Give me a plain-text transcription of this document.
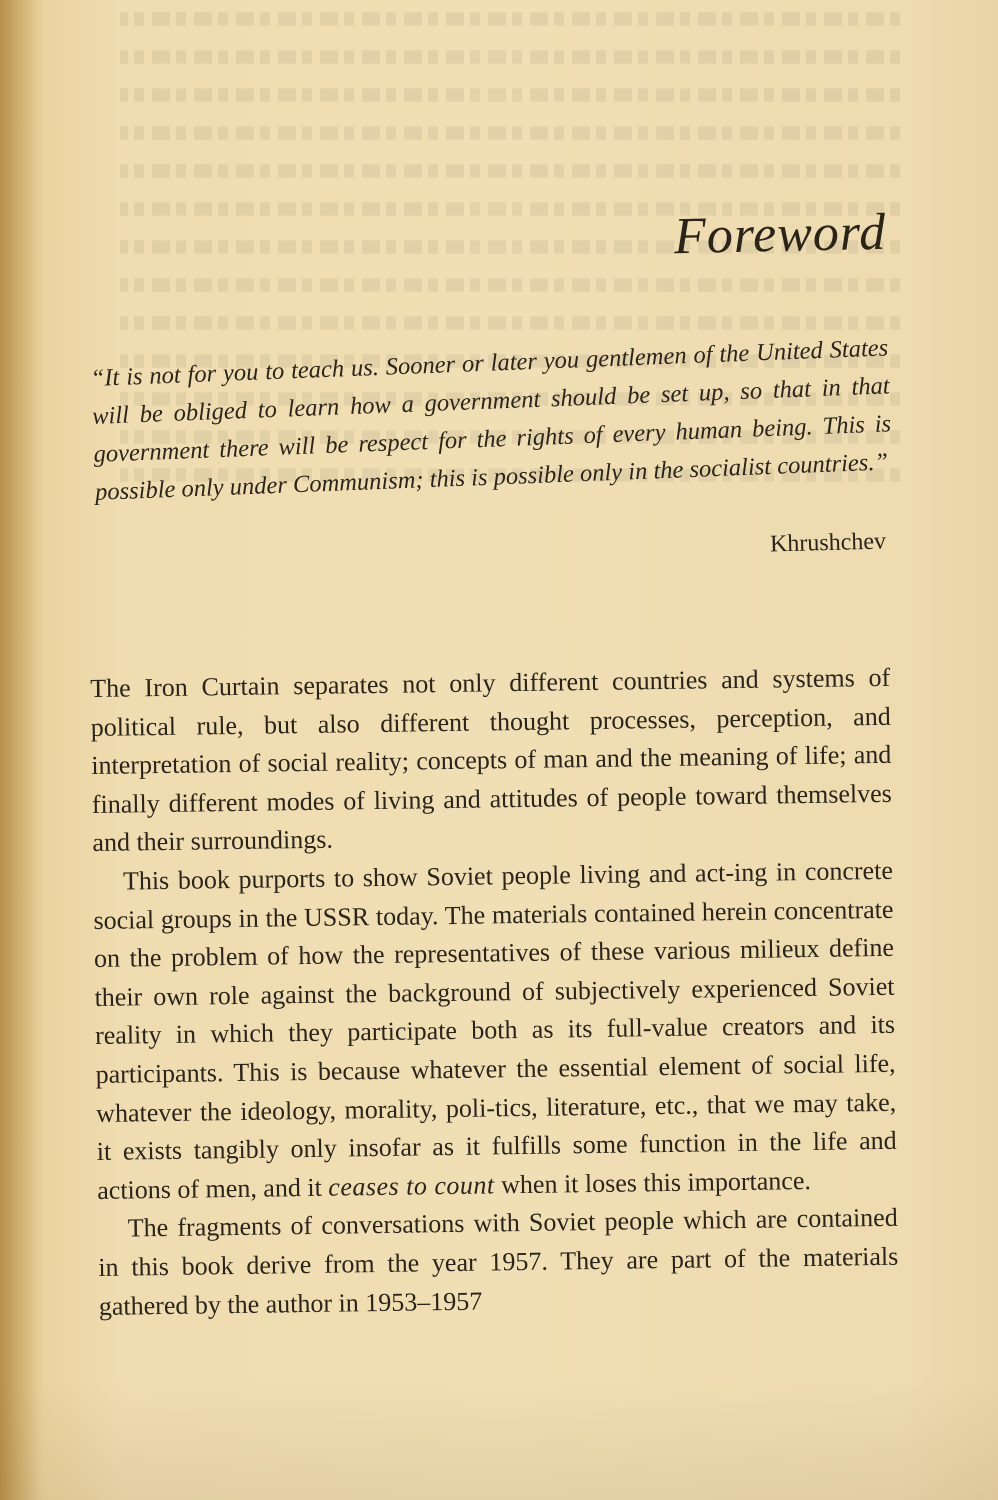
Foreword
“It is not for you to teach us. Sooner or later you gentlemen of the United States will be obliged to learn how a government should be set up, so that in that government there will be respect for the rights of every human being. This is possible only under Communism; this is possible only in the socialist countries.”
Khrushchev

The Iron Curtain separates not only different countries and systems of political rule, but also different thought processes, perception, and interpretation of social reality; concepts of man and the meaning of life; and finally different modes of living and attitudes of people toward themselves and their surroundings.

This book purports to show Soviet people living and act-ing in concrete social groups in the USSR today. The materials contained herein concentrate on the problem of how the representatives of these various milieux define their own role against the background of subjectively experienced Soviet reality in which they participate both as its full-value creators and its participants. This is because whatever the essential element of social life, whatever the ideology, morality, poli-tics, literature, etc., that we may take, it exists tangibly only insofar as it fulfills some function in the life and actions of men, and it ceases to count when it loses this importance.

The fragments of conversations with Soviet people which are contained in this book derive from the year 1957. They are part of the materials gathered by the author in 1953–1957
